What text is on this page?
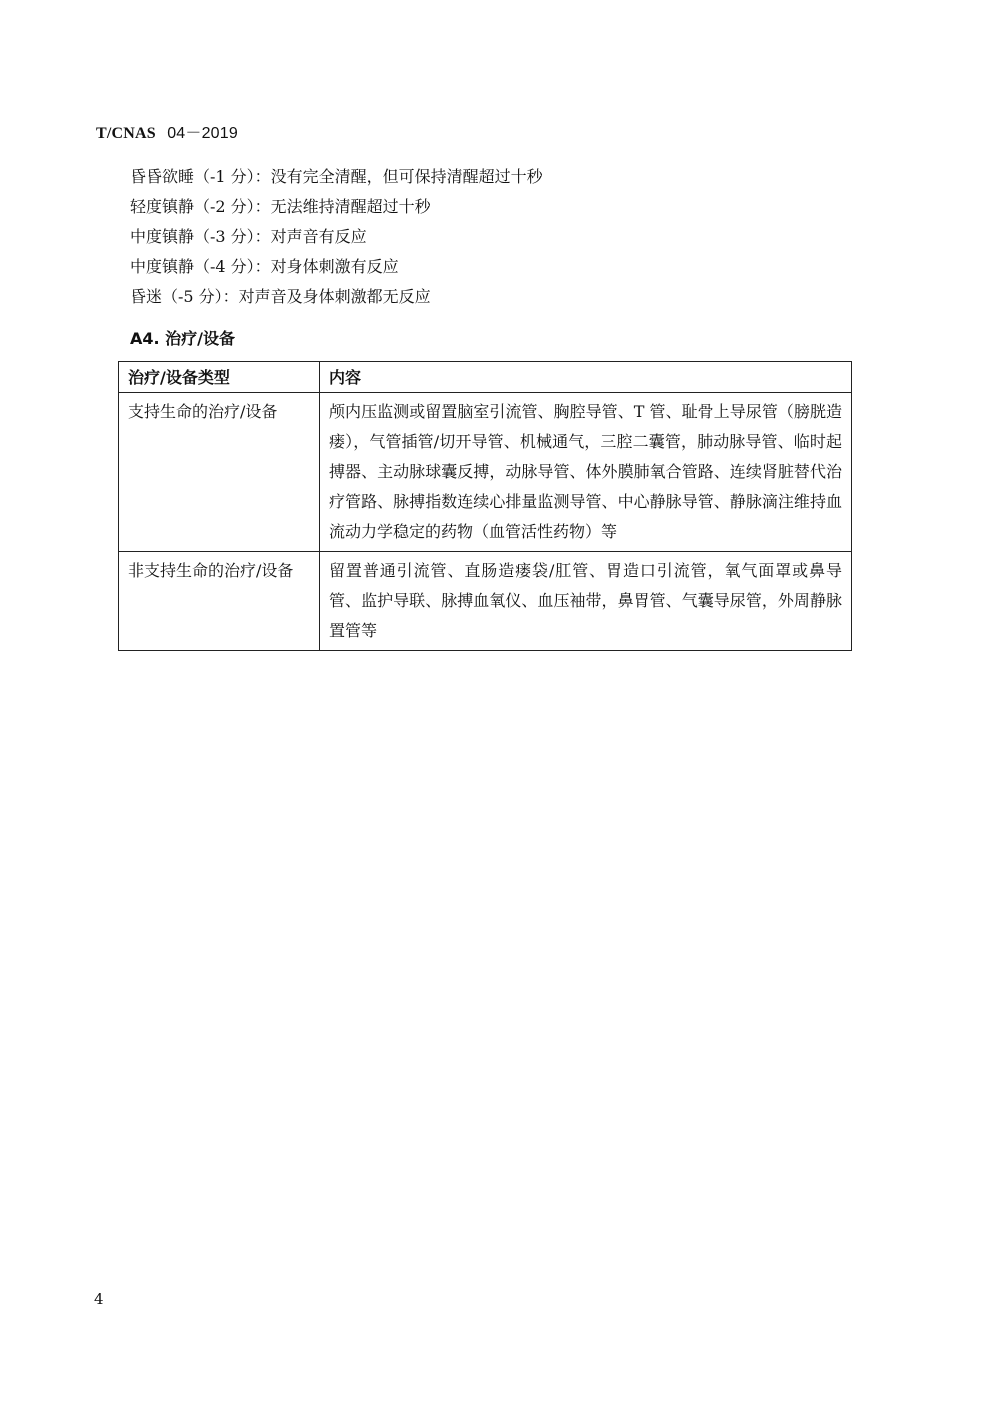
T/CNAS 04－2019
昏昏欲睡（-1 分）：没有完全清醒，但可保持清醒超过十秒
轻度镇静（-2 分）：无法维持清醒超过十秒
中度镇静（-3 分）：对声音有反应
中度镇静（-4 分）：对身体刺激有反应
昏迷（-5 分）：对声音及身体刺激都无反应
A4. 治疗/设备
治疗/设备类型	内容
支持生命的治疗/设备	颅内压监测或留置脑室引流管、胸腔导管、T 管、耻骨上导尿管（膀胱造瘘），气管插管/切开导管、机械通气，三腔二囊管，肺动脉导管、临时起搏器、主动脉球囊反搏，动脉导管、体外膜肺氧合管路、连续肾脏替代治疗管路、脉搏指数连续心排量监测导管、中心静脉导管、静脉滴注维持血流动力学稳定的药物（血管活性药物）等
非支持生命的治疗/设备	留置普通引流管、直肠造瘘袋/肛管、胃造口引流管，氧气面罩或鼻导管、监护导联、脉搏血氧仪、血压袖带，鼻胃管、气囊导尿管，外周静脉置管等
4
